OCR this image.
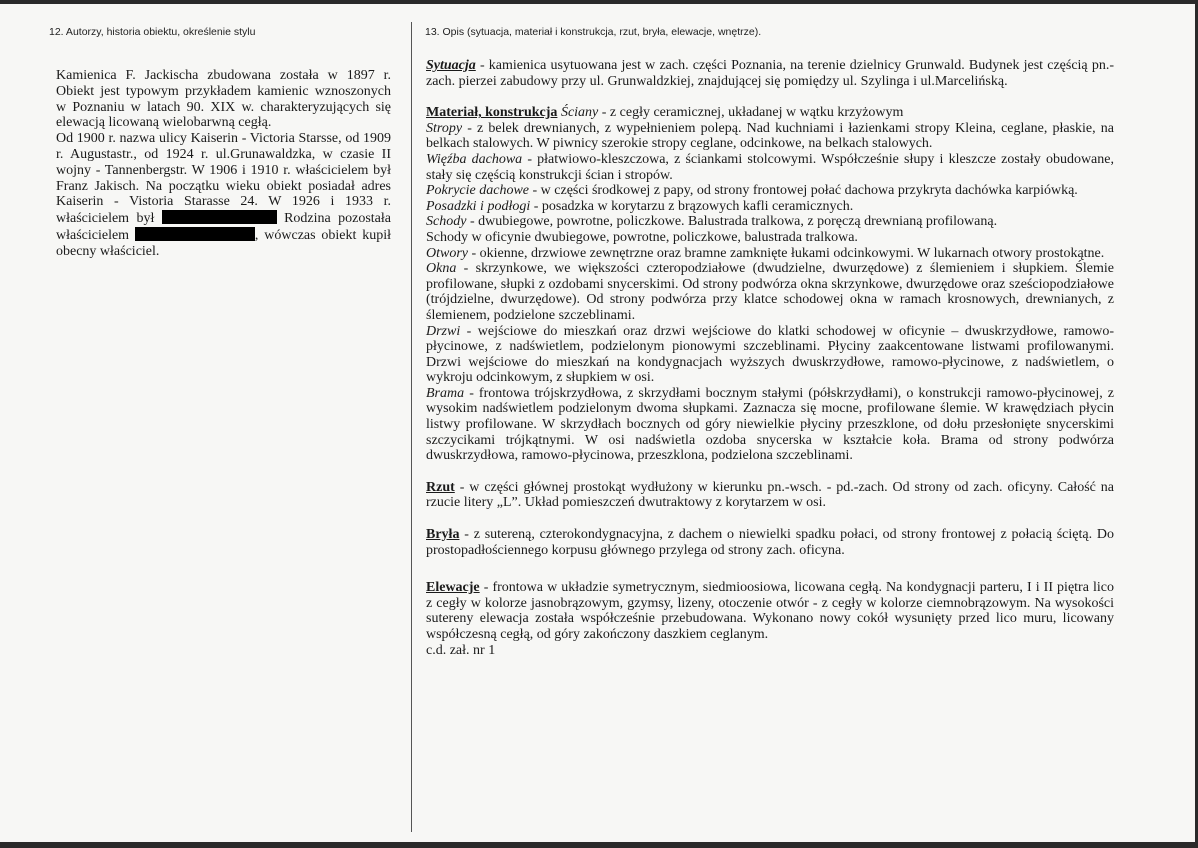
12. Autorzy, historia obiektu, określenie stylu	13. Opis (sytuacja, materiał i konstrukcja, rzut, bryła, elewacje, wnętrze).

Kamienica F. Jackischa zbudowana została w 1897 r. Obiekt jest typowym przykładem kamienic wznoszonych w Poznaniu w latach 90. XIX w. charakteryzujących się elewacją licowaną wielobarwną cegłą.

Od 1900 r. nazwa ulicy Kaiserin - Victoria Starsse, od 1909 r. Augustastr., od 1924 r. ul.Grunawaldzka, w czasie II wojny - Tannenbergstr. W 1906 i 1910 r. właścicielem był Franz Jakisch. Na początku wieku obiekt posiadał adres Kaiserin - Vistoria Starasse 24. W 1926 i 1933 r. właścicielem był	Rodzina pozostała właścicielem	, wówczas obiekt kupił obecny właściciel.

Sytuacja - kamienica usytuowana jest w zach. części Poznania, na terenie dzielnicy Grunwald. Budynek jest częścią pn.-zach. pierzei zabudowy przy ul. Grunwaldzkiej, znajdującej się pomiędzy ul. Szylinga i ul.Marcelińską.

Materiał, konstrukcja Ściany - z cegły ceramicznej, układanej w wątku krzyżowym

Stropy - z belek drewnianych, z wypełnieniem polepą. Nad kuchniami i łazienkami stropy Kleina, ceglane, płaskie, na belkach stalowych. W piwnicy szerokie stropy ceglane, odcinkowe, na belkach stalowych.

Więźba dachowa - płatwiowo-kleszczowa, z ściankami stolcowymi. Współcześnie słupy i kleszcze zostały obudowane, stały się częścią konstrukcji ścian i stropów.

Pokrycie dachowe - w części środkowej z papy, od strony frontowej połać dachowa przykryta dachówka karpiówką.

Posadzki i podłogi - posadzka w korytarzu z brązowych kafli ceramicznych.

Schody - dwubiegowe, powrotne, policzkowe. Balustrada tralkowa, z poręczą drewnianą profilowaną.

Schody w oficynie dwubiegowe, powrotne, policzkowe, balustrada tralkowa.

Otwory - okienne, drzwiowe zewnętrzne oraz bramne zamknięte łukami odcinkowymi. W lukarnach otwory prostokątne.

Okna - skrzynkowe, we większości czteropodziałowe (dwudzielne, dwurzędowe) z ślemieniem i słupkiem. Ślemie profilowane, słupki z ozdobami snycerskimi. Od strony podwórza okna skrzynkowe, dwurzędowe oraz sześciopodziałowe (trójdzielne, dwurzędowe). Od strony podwórza przy klatce schodowej okna w ramach krosnowych, drewnianych, z ślemienem, podzielone szczeblinami.

Drzwi - wejściowe do mieszkań oraz drzwi wejściowe do klatki schodowej w oficynie – dwuskrzydłowe, ramowo-płycinowe, z nadświetlem, podzielonym pionowymi szczeblinami. Płyciny zaakcentowane listwami profilowanymi. Drzwi wejściowe do mieszkań na kondygnacjach wyższych dwuskrzydłowe, ramowo-płycinowe, z nadświetlem, o wykroju odcinkowym, z słupkiem w osi.

Brama - frontowa trójskrzydłowa, z skrzydłami bocznym stałymi (półskrzydłami), o konstrukcji ramowo-płycinowej, z wysokim nadświetlem podzielonym dwoma słupkami. Zaznacza się mocne, profilowane ślemie. W krawędziach płycin listwy profilowane. W skrzydłach bocznych od góry niewielkie płyciny przeszklone, od dołu przesłonięte snycerskimi szczycikami trójkątnymi. W osi nadświetla ozdoba snycerska w kształcie koła. Brama od strony podwórza dwuskrzydłowa, ramowo-płycinowa, przeszklona, podzielona szczeblinami.

Rzut - w części głównej prostokąt wydłużony w kierunku pn.-wsch. - pd.-zach. Od strony od zach. oficyny. Całość na rzucie litery „L”. Układ pomieszczeń dwutraktowy z korytarzem w osi.

Bryła - z sutereną, czterokondygnacyjna, z dachem o niewielki spadku połaci, od strony frontowej z połacią ściętą. Do prostopadłościennego korpusu głównego przylega od strony zach. oficyna.

Elewacje - frontowa w układzie symetrycznym, siedmioosiowa, licowana cegłą. Na kondygnacji parteru, I i II piętra lico z cegły w kolorze jasnobrązowym, gzymsy, lizeny, otoczenie otwór - z cegły w kolorze ciemnobrązowym. Na wysokości sutereny elewacja została współcześnie przebudowana. Wykonano nowy cokół wysunięty przed lico muru, licowany współczesną cegłą, od góry zakończony daszkiem ceglanym.

c.d. zał. nr 1
